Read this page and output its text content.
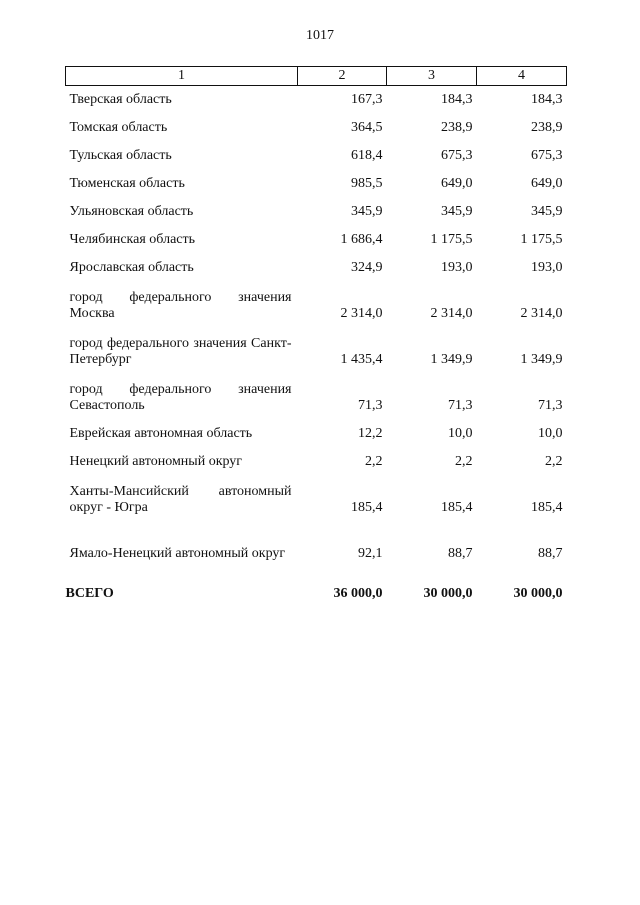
1017
1	2	3	4
Тверская область	167,3	184,3	184,3
Томская область	364,5	238,9	238,9
Тульская область	618,4	675,3	675,3
Тюменская область	985,5	649,0	649,0
Ульяновская область	345,9	345,9	345,9
Челябинская область	1 686,4	1 175,5	1 175,5
Ярославская область	324,9	193,0	193,0
город федерального значения Москва	2 314,0	2 314,0	2 314,0
город федерального значения Санкт-Петербург	1 435,4	1 349,9	1 349,9
город федерального значения Севастополь	71,3	71,3	71,3
Еврейская автономная область	12,2	10,0	10,0
Ненецкий автономный округ	2,2	2,2	2,2
Ханты-Мансийский автономный округ - Югра	185,4	185,4	185,4
Ямало-Ненецкий автономный округ	92,1	88,7	88,7
ВСЕГО	36 000,0	30 000,0	30 000,0
